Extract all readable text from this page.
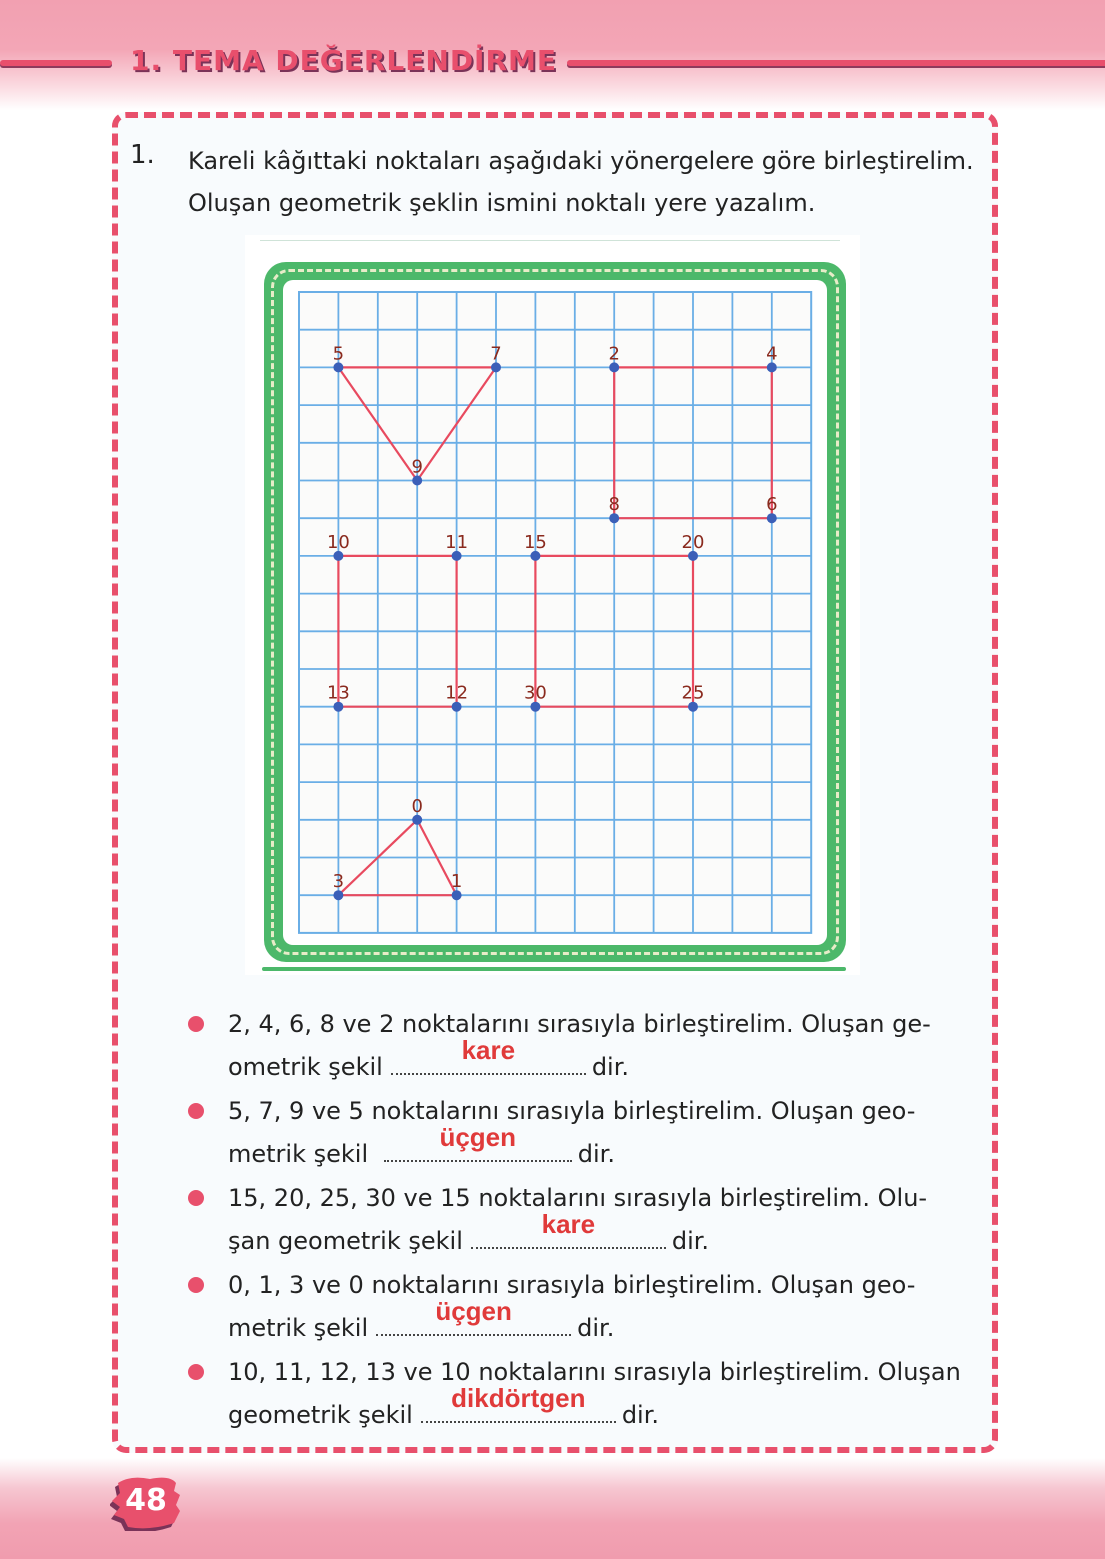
1. TEMA DEĞERLENDİRME
1. Kareli kâğıttaki noktaları aşağıdaki yönergelere göre birleştirelim.
Oluşan geometrik şeklin ismini noktalı yere yazalım.
5	7
9
2	4
8	6
10	11	15	20
13	12	30	25
0
3	1
2, 4, 6, 8 ve 2 noktalarını sırasıyla birleştirelim. Oluşan ge-
ometrik şekil
kare
dir.
5, 7, 9 ve 5 noktalarını sırasıyla birleştirelim. Oluşan geo-
metrik şekil
üçgen
dir.
15, 20, 25, 30 ve 15 noktalarını sırasıyla birleştirelim. Olu-
şan geometrik şekil
kare
dir.
0, 1, 3 ve 0 noktalarını sırasıyla birleştirelim. Oluşan geo-
metrik şekil
üçgen
dir.
10, 11, 12, 13 ve 10 noktalarını sırasıyla birleştirelim. Oluşan
geometrik şekil
dikdörtgen
dir.
48
